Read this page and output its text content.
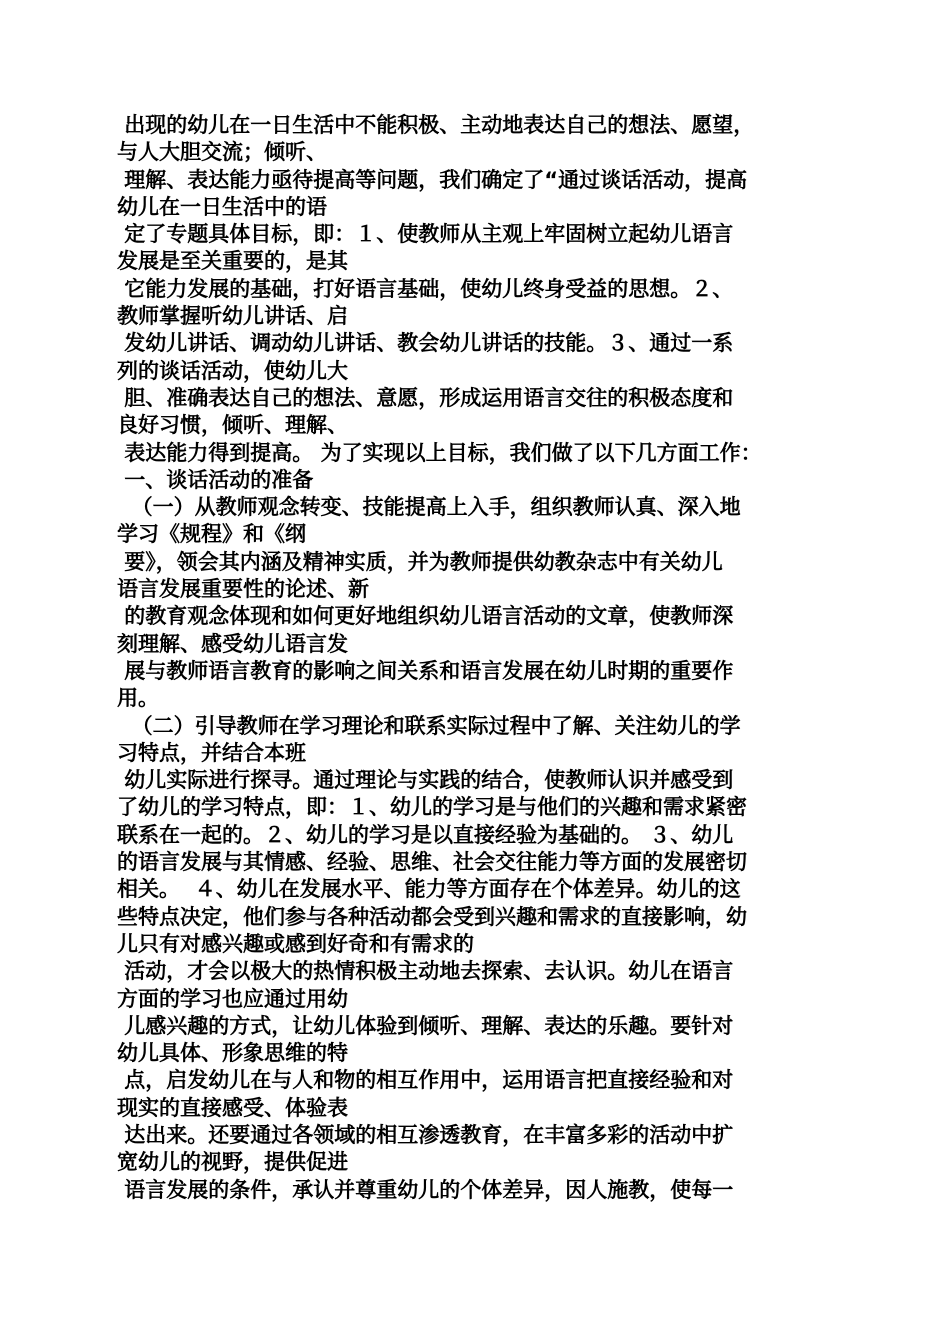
出现的幼儿在一日生活中不能积极、主动地表达自己的想法、愿望，
与人大胆交流；倾听、
理解、表达能力亟待提高等问题，我们确定了“通过谈话活动，提高
幼儿在一日生活中的语
定了专题具体目标，即：１、使教师从主观上牢固树立起幼儿语言
发展是至关重要的，是其
它能力发展的基础，打好语言基础，使幼儿终身受益的思想。２、
教师掌握听幼儿讲话、启
发幼儿讲话、调动幼儿讲话、教会幼儿讲话的技能。３、通过一系
列的谈话活动，使幼儿大
胆、准确表达自己的想法、意愿，形成运用语言交往的积极态度和
良好习惯，倾听、理解、
表达能力得到提高。 为了实现以上目标，我们做了以下几方面工作：
一、谈话活动的准备
（一）从教师观念转变、技能提高上入手，组织教师认真、深入地
学习《规程》和《纲
要》，领会其内涵及精神实质，并为教师提供幼教杂志中有关幼儿
语言发展重要性的论述、新
的教育观念体现和如何更好地组织幼儿语言活动的文章，使教师深
刻理解、感受幼儿语言发
展与教师语言教育的影响之间关系和语言发展在幼儿时期的重要作
用。
（二）引导教师在学习理论和联系实际过程中了解、关注幼儿的学
习特点，并结合本班
幼儿实际进行探寻。通过理论与实践的结合，使教师认识并感受到
了幼儿的学习特点，即：１、幼儿的学习是与他们的兴趣和需求紧密
联系在一起的。２、幼儿的学习是以直接经验为基础的。 ３、幼儿
的语言发展与其情感、经验、思维、社会交往能力等方面的发展密切
相关。  ４、幼儿在发展水平、能力等方面存在个体差异。幼儿的这
些特点决定，他们参与各种活动都会受到兴趣和需求的直接影响，幼
儿只有对感兴趣或感到好奇和有需求的
活动，才会以极大的热情积极主动地去探索、去认识。幼儿在语言
方面的学习也应通过用幼
儿感兴趣的方式，让幼儿体验到倾听、理解、表达的乐趣。要针对
幼儿具体、形象思维的特
点，启发幼儿在与人和物的相互作用中，运用语言把直接经验和对
现实的直接感受、体验表
达出来。还要通过各领域的相互渗透教育，在丰富多彩的活动中扩
宽幼儿的视野，提供促进
语言发展的条件，承认并尊重幼儿的个体差异，因人施教，使每一
